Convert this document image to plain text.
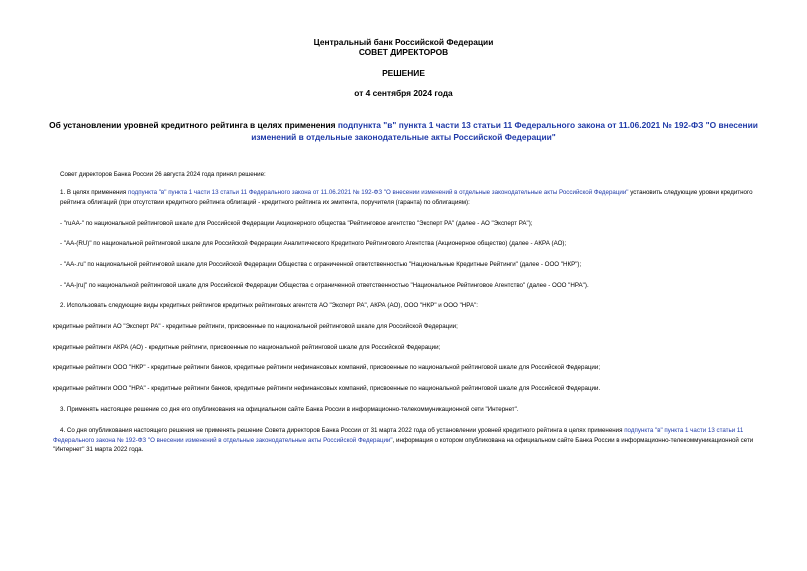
Центральный банк Российской Федерации
СОВЕТ ДИРЕКТОРОВ
РЕШЕНИЕ
от 4 сентября 2024 года
Об установлении уровней кредитного рейтинга в целях применения подпункта "в" пункта 1 части 13 статьи 11 Федерального закона от 11.06.2021 № 192-ФЗ "О внесении изменений в отдельные законодательные акты Российской Федерации"
Совет директоров Банка России 26 августа 2024 года принял решение:
1. В целях применения подпункта "в" пункта 1 части 13 статьи 11 Федерального закона от 11.06.2021 № 192-ФЗ "О внесении изменений в отдельные законодательные акты Российской Федерации" установить следующие уровни кредитного рейтинга облигаций (при отсутствии кредитного рейтинга облигаций - кредитного рейтинга их эмитента, поручителя (гаранта) по облигациям):
- "ruAA-" по национальной рейтинговой шкале для Российской Федерации Акционерного общества "Рейтинговое агентство "Эксперт РА" (далее - АО "Эксперт РА");
- "AA-(RU)" по национальной рейтинговой шкале для Российской Федерации Аналитического Кредитного Рейтингового Агентства (Акционерное общество) (далее - АКРА (АО);
- "AA-.ru" по национальной рейтинговой шкале для Российской Федерации Общества с ограниченной ответственностью "Национальные Кредитные Рейтинги" (далее - ООО "НКР");
- "AA-|ru|" по национальной рейтинговой шкале для Российской Федерации Общества с ограниченной ответственностью "Национальное Рейтинговое Агентство" (далее - ООО "НРА").
2. Использовать следующие виды кредитных рейтингов кредитных рейтинговых агентств АО "Эксперт РА", АКРА (АО), ООО "НКР" и ООО "НРА":
кредитные рейтинги АО "Эксперт РА" - кредитные рейтинги, присвоенные по национальной рейтинговой шкале для Российской Федерации;
кредитные рейтинги АКРА (АО) - кредитные рейтинги, присвоенные по национальной рейтинговой шкале для Российской Федерации;
кредитные рейтинги ООО "НКР" - кредитные рейтинги банков, кредитные рейтинги нефинансовых компаний, присвоенные по национальной рейтинговой шкале для Российской Федерации;
кредитные рейтинги ООО "НРА" - кредитные рейтинги банков, кредитные рейтинги нефинансовых компаний, присвоенные по национальной рейтинговой шкале для Российской Федерации.
3. Применять настоящее решение со дня его опубликования на официальном сайте Банка России в информационно-телекоммуникационной сети "Интернет".
4. Со дня опубликования настоящего решения не применять решение Совета директоров Банка России от 31 марта 2022 года об установлении уровней кредитного рейтинга в целях применения подпункта "в" пункта 1 части 13 статьи 11 Федерального закона № 192-ФЗ "О внесении изменений в отдельные законодательные акты Российской Федерации", информация о котором опубликована на официальном сайте Банка России в информационно-телекоммуникационной сети "Интернет" 31 марта 2022 года.
